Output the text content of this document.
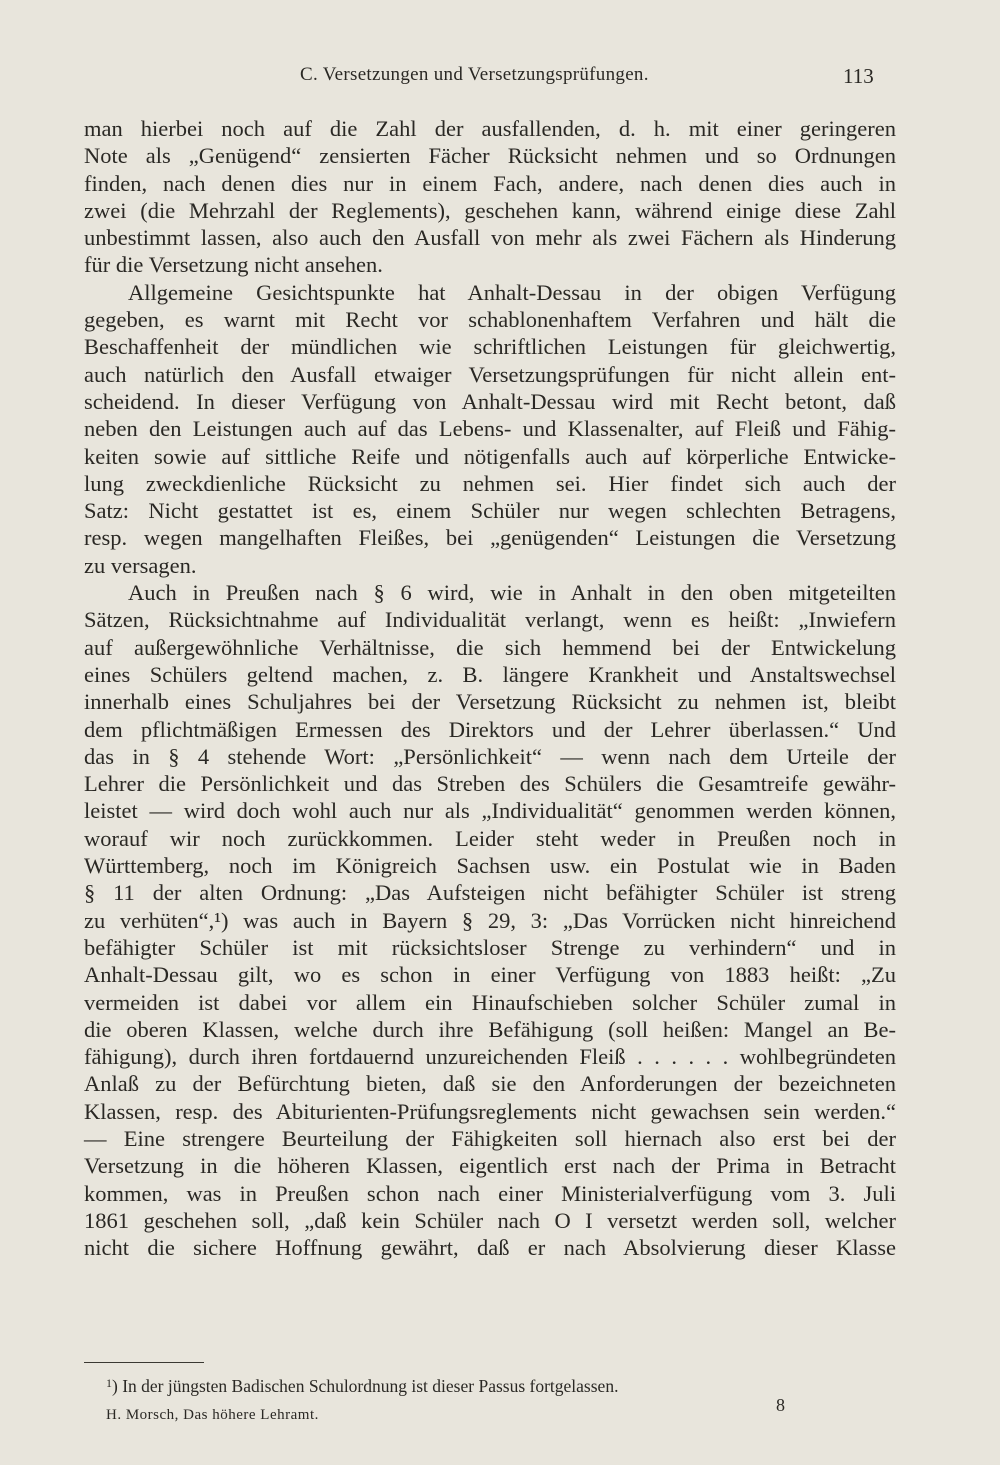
C. Versetzungen und Versetzungsprüfungen.	113
man hierbei noch auf die Zahl der ausfallenden, d. h. mit einer geringeren
Note als „Genügend“ zensierten Fächer Rücksicht nehmen und so Ordnungen
finden, nach denen dies nur in einem Fach, andere, nach denen dies auch in
zwei (die Mehrzahl der Reglements), geschehen kann, während einige diese Zahl
unbestimmt lassen, also auch den Ausfall von mehr als zwei Fächern als Hinderung
für die Versetzung nicht ansehen.
Allgemeine Gesichtspunkte hat Anhalt-Dessau in der obigen Verfügung
gegeben, es warnt mit Recht vor schablonenhaftem Verfahren und hält die
Beschaffenheit der mündlichen wie schriftlichen Leistungen für gleichwertig,
auch natürlich den Ausfall etwaiger Versetzungsprüfungen für nicht allein ent-
scheidend. In dieser Verfügung von Anhalt-Dessau wird mit Recht betont, daß
neben den Leistungen auch auf das Lebens- und Klassenalter, auf Fleiß und Fähig-
keiten sowie auf sittliche Reife und nötigenfalls auch auf körperliche Entwicke-
lung zweckdienliche Rücksicht zu nehmen sei. Hier findet sich auch der
Satz: Nicht gestattet ist es, einem Schüler nur wegen schlechten Betragens,
resp. wegen mangelhaften Fleißes, bei „genügenden“ Leistungen die Versetzung
zu versagen.
Auch in Preußen nach § 6 wird, wie in Anhalt in den oben mitgeteilten
Sätzen, Rücksichtnahme auf Individualität verlangt, wenn es heißt: „Inwiefern
auf außergewöhnliche Verhältnisse, die sich hemmend bei der Entwickelung
eines Schülers geltend machen, z. B. längere Krankheit und Anstaltswechsel
innerhalb eines Schuljahres bei der Versetzung Rücksicht zu nehmen ist, bleibt
dem pflichtmäßigen Ermessen des Direktors und der Lehrer überlassen.“ Und
das in § 4 stehende Wort: „Persönlichkeit“ — wenn nach dem Urteile der
Lehrer die Persönlichkeit und das Streben des Schülers die Gesamtreife gewähr-
leistet — wird doch wohl auch nur als „Individualität“ genommen werden können,
worauf wir noch zurückkommen. Leider steht weder in Preußen noch in
Württemberg, noch im Königreich Sachsen usw. ein Postulat wie in Baden
§ 11 der alten Ordnung: „Das Aufsteigen nicht befähigter Schüler ist streng
zu verhüten“,¹) was auch in Bayern § 29, 3: „Das Vorrücken nicht hinreichend
befähigter Schüler ist mit rücksichtsloser Strenge zu verhindern“ und in
Anhalt-Dessau gilt, wo es schon in einer Verfügung von 1883 heißt: „Zu
vermeiden ist dabei vor allem ein Hinaufschieben solcher Schüler zumal in
die oberen Klassen, welche durch ihre Befähigung (soll heißen: Mangel an Be-
fähigung), durch ihren fortdauernd unzureichenden Fleiß . . . . . . wohlbegründeten
Anlaß zu der Befürchtung bieten, daß sie den Anforderungen der bezeichneten
Klassen, resp. des Abiturienten-Prüfungsreglements nicht gewachsen sein werden.“
— Eine strengere Beurteilung der Fähigkeiten soll hiernach also erst bei der
Versetzung in die höheren Klassen, eigentlich erst nach der Prima in Betracht
kommen, was in Preußen schon nach einer Ministerialverfügung vom 3. Juli
1861 geschehen soll, „daß kein Schüler nach O I versetzt werden soll, welcher
nicht die sichere Hoffnung gewährt, daß er nach Absolvierung dieser Klasse
$^1$) In der jüngsten Badischen Schulordnung ist dieser Passus fortgelassen.
H. Morsch, Das höhere Lehramt.	8
